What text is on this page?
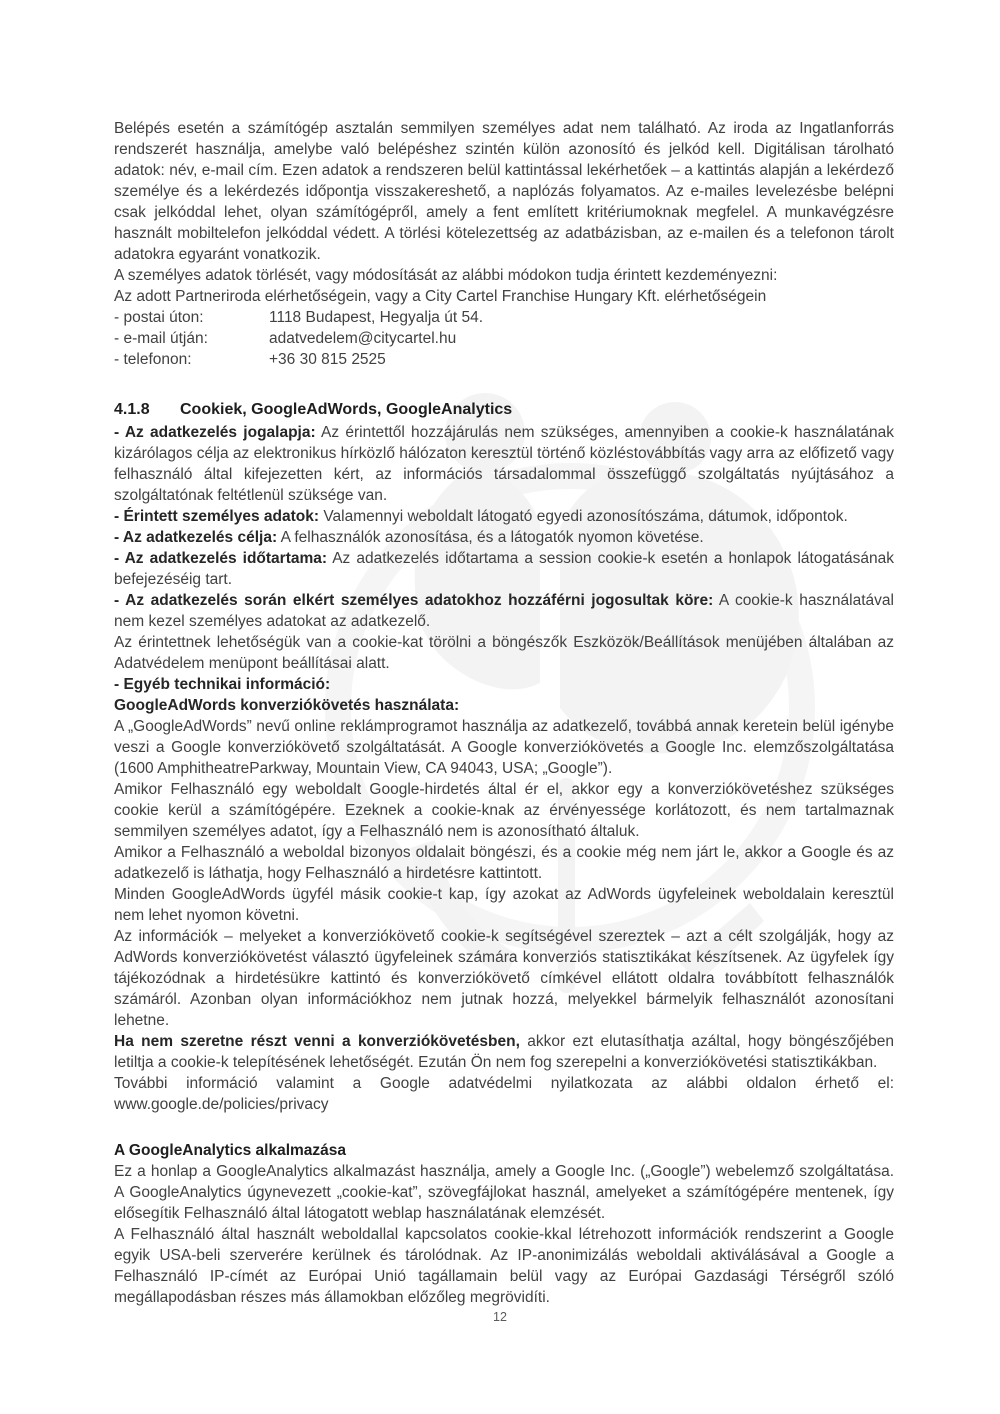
Belépés esetén a számítógép asztalán semmilyen személyes adat nem található. Az iroda az Ingatlanforrás rendszerét használja, amelybe való belépéshez szintén külön azonosító és jelkód kell. Digitálisan tárolható adatok: név, e-mail cím. Ezen adatok a rendszeren belül kattintással lekérhetőek – a kattintás alapján a lekérdező személye és a lekérdezés időpontja visszakereshető, a naplózás folyamatos. Az e-mailes levelezésbe belépni csak jelkóddal lehet, olyan számítógépről, amely a fent említett kritériumoknak megfelel. A munkavégzésre használt mobiltelefon jelkóddal védett. A törlési kötelezettség az adatbázisban, az e-mailen és a telefonon tárolt adatokra egyaránt vonatkozik.

A személyes adatok törlését, vagy módosítását az alábbi módokon tudja érintett kezdeményezni:

Az adott Partneriroda elérhetőségein, vagy a City Cartel Franchise Hungary Kft. elérhetőségein

- postai úton:	1118 Budapest, Hegyalja út 54.
- e-mail útján:	adatvedelem@citycartel.hu
- telefonon:	+36 30 815 2525
4.1.8	Cookiek, GoogleAdWords, GoogleAnalytics

- Az adatkezelés jogalapja: Az érintettől hozzájárulás nem szükséges, amennyiben a cookie-k használatának kizárólagos célja az elektronikus hírközlő hálózaton keresztül történő közléstovábbítás vagy arra az előfizető vagy felhasználó által kifejezetten kért, az információs társadalommal összefüggő szolgáltatás nyújtásához a szolgáltatónak feltétlenül szüksége van.

- Érintett személyes adatok: Valamennyi weboldalt látogató egyedi azonosítószáma, dátumok, időpontok.

- Az adatkezelés célja: A felhasználók azonosítása, és a látogatók nyomon követése.

- Az adatkezelés időtartama: Az adatkezelés időtartama a session cookie-k esetén a honlapok látogatásának befejezéséig tart.

- Az adatkezelés során elkért személyes adatokhoz hozzáférni jogosultak köre: A cookie-k használatával nem kezel személyes adatokat az adatkezelő.

Az érintettnek lehetőségük van a cookie-kat törölni a böngészők Eszközök/Beállítások menüjében általában az Adatvédelem menüpont beállításai alatt.

- Egyéb technikai információ:

GoogleAdWords konverziókövetés használata:

A „GoogleAdWords” nevű online reklámprogramot használja az adatkezelő, továbbá annak keretein belül igénybe veszi a Google konverziókövető szolgáltatását. A Google konverziókövetés a Google Inc. elemzőszolgáltatása (1600 AmphitheatreParkway, Mountain View, CA 94043, USA; „Google”).

Amikor Felhasználó egy weboldalt Google-hirdetés által ér el, akkor egy a konverziókövetéshez szükséges cookie kerül a számítógépére. Ezeknek a cookie-knak az érvényessége korlátozott, és nem tartalmaznak semmilyen személyes adatot, így a Felhasználó nem is azonosítható általuk.

Amikor a Felhasználó a weboldal bizonyos oldalait böngészi, és a cookie még nem járt le, akkor a Google és az adatkezelő is láthatja, hogy Felhasználó a hirdetésre kattintott.

Minden GoogleAdWords ügyfél másik cookie-t kap, így azokat az AdWords ügyfeleinek weboldalain keresztül nem lehet nyomon követni.

Az információk – melyeket a konverziókövető cookie-k segítségével szereztek – azt a célt szolgálják, hogy az AdWords konverziókövetést választó ügyfeleinek számára konverziós statisztikákat készítsenek. Az ügyfelek így tájékozódnak a hirdetésükre kattintó és konverziókövető címkével ellátott oldalra továbbított felhasználók számáról. Azonban olyan információkhoz nem jutnak hozzá, melyekkel bármelyik felhasználót azonosítani lehetne.

Ha nem szeretne részt venni a konverziókövetésben, akkor ezt elutasíthatja azáltal, hogy böngészőjében letiltja a cookie-k telepítésének lehetőségét. Ezután Ön nem fog szerepelni a konverziókövetési statisztikákban.

További információ valamint a Google adatvédelmi nyilatkozata az alábbi oldalon érhető el: www.google.de/policies/privacy

A GoogleAnalytics alkalmazása

Ez a honlap a GoogleAnalytics alkalmazást használja, amely a Google Inc. („Google”) webelemző szolgáltatása. A GoogleAnalytics úgynevezett „cookie-kat”, szövegfájlokat használ, amelyeket a számítógépére mentenek, így elősegítik Felhasználó által látogatott weblap használatának elemzését.

A Felhasználó által használt weboldallal kapcsolatos cookie-kkal létrehozott információk rendszerint a Google egyik USA-beli szerverére kerülnek és tárolódnak. Az IP-anonimizálás weboldali aktiválásával a Google a Felhasználó IP-címét az Európai Unió tagállamain belül vagy az Európai Gazdasági Térségről szóló megállapodásban részes más államokban előzőleg megrövidíti.

12
